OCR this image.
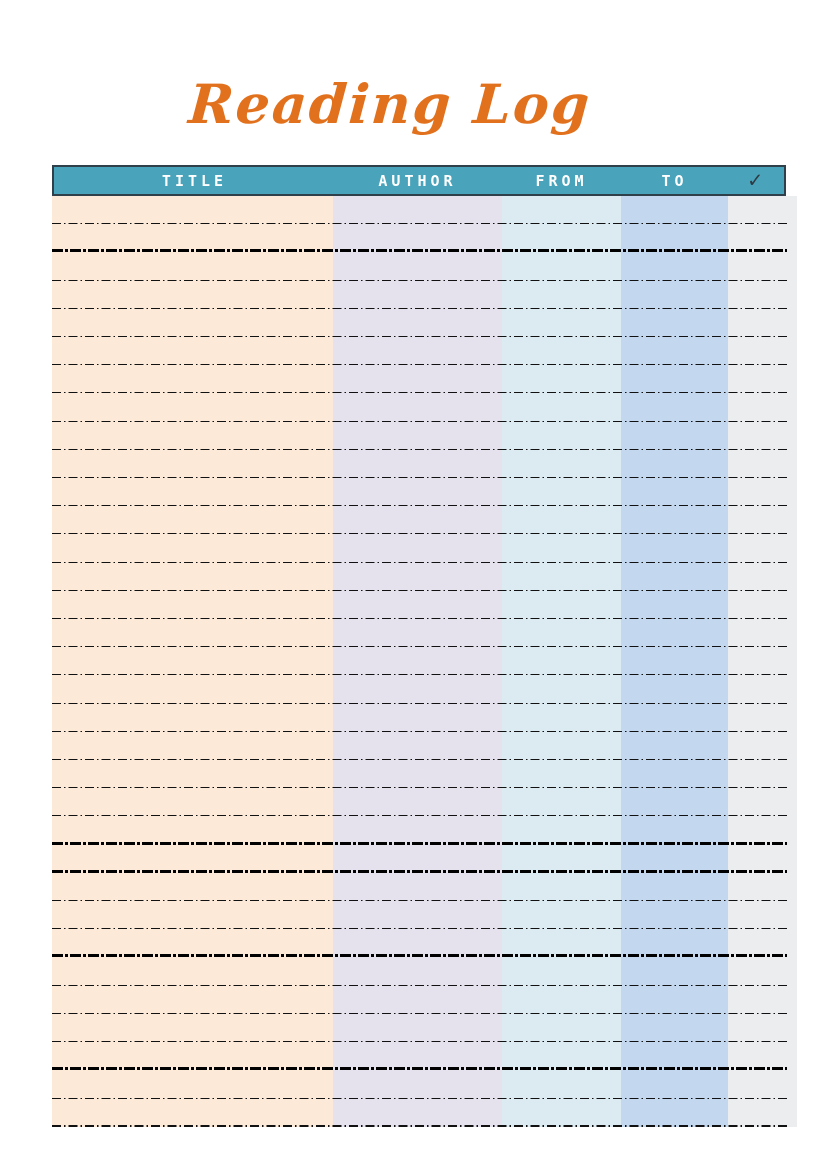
Reading Log
TITLE	AUTHOR	FROM	TO	✓
